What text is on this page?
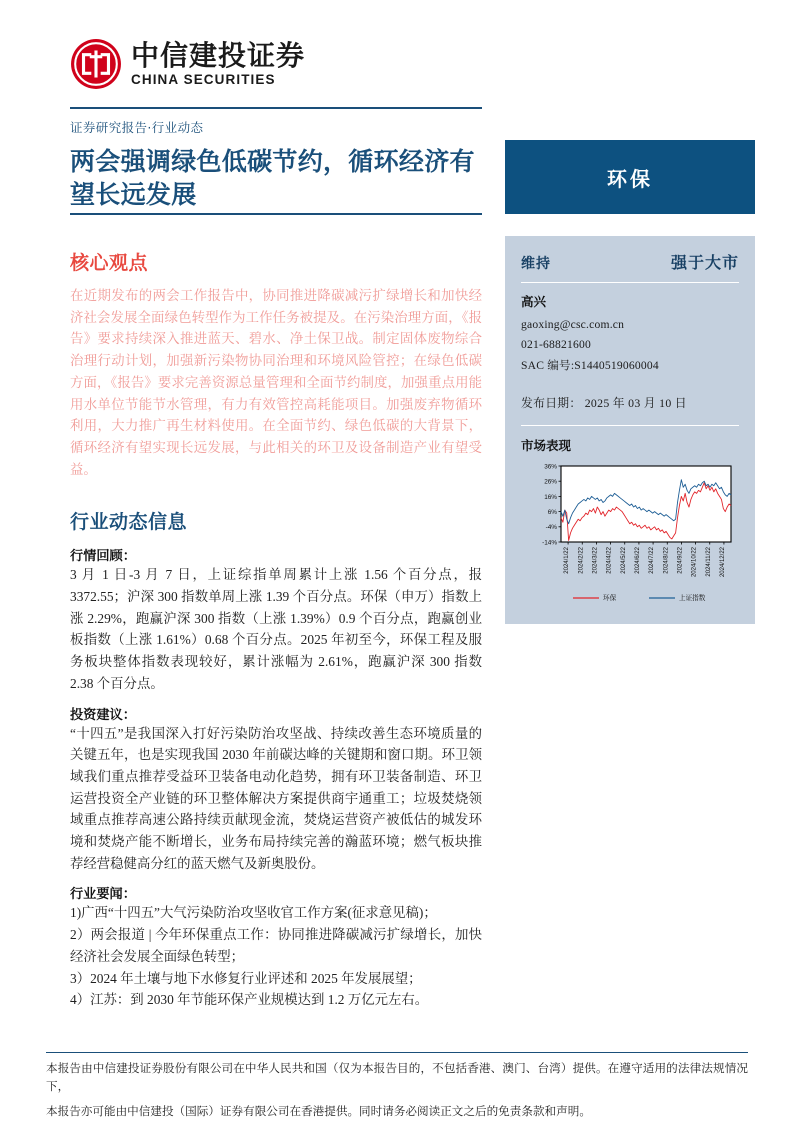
中信建投证券
CHINA SECURITIES
证券研究报告·行业动态
两会强调绿色低碳节约，循环经济有望长远发展
核心观点
在近期发布的两会工作报告中，协同推进降碳减污扩绿增长和加快经济社会发展全面绿色转型作为工作任务被提及。在污染治理方面，《报告》要求持续深入推进蓝天、碧水、净土保卫战。制定固体废物综合治理行动计划，加强新污染物协同治理和环境风险管控；在绿色低碳方面，《报告》要求完善资源总量管理和全面节约制度，加强重点用能用水单位节能节水管理，有力有效管控高耗能项目。加强废弃物循环利用，大力推广再生材料使用。在全面节约、绿色低碳的大背景下，循环经济有望实现长远发展，与此相关的环卫及设备制造产业有望受益。
行业动态信息
行情回顾：
3 月 1 日-3 月 7 日，上证综指单周累计上涨 1.56 个百分点，报 3372.55；沪深 300 指数单周上涨 1.39 个百分点。环保（申万）指数上涨 2.29%，跑赢沪深 300 指数（上涨 1.39%）0.9 个百分点，跑赢创业板指数（上涨 1.61%）0.68 个百分点。2025 年初至今，环保工程及服务板块整体指数表现较好，累计涨幅为 2.61%，跑赢沪深 300 指数 2.38 个百分点。
投资建议：
“十四五”是我国深入打好污染防治攻坚战、持续改善生态环境质量的关键五年，也是实现我国 2030 年前碳达峰的关键期和窗口期。环卫领域我们重点推荐受益环卫装备电动化趋势，拥有环卫装备制造、环卫运营投资全产业链的环卫整体解决方案提供商宇通重工；垃圾焚烧领域重点推荐高速公路持续贡献现金流，焚烧运营资产被低估的城发环境和焚烧产能不断增长，业务布局持续完善的瀚蓝环境；燃气板块推荐经营稳健高分红的蓝天燃气及新奥股份。
行业要闻：
1)广西“十四五”大气污染防治攻坚收官工作方案(征求意见稿)；
2）两会报道 | 今年环保重点工作：协同推进降碳减污扩绿增长，加快经济社会发展全面绿色转型；
3）2024 年土壤与地下水修复行业评述和 2025 年发展展望；
4）江苏：到 2030 年节能环保产业规模达到 1.2 万亿元左右。
环保
维持	强于大市
高兴
gaoxing@csc.com.cn
021-68821600
SAC 编号:S1440519060004
发布日期： 2025 年 03 月 10 日
市场表现
36%
26%
16%
6%
-4%
-14%
2024/1/22 2024/2/22 2024/3/22 2024/4/22 2024/5/22 2024/6/22 2024/7/22 2024/8/22 2024/9/22 2024/10/22 2024/11/22 2024/12/22
环保	上证指数
本报告由中信建投证券股份有限公司在中华人民共和国（仅为本报告目的，不包括香港、澳门、台湾）提供。在遵守适用的法律法规情况下，
本报告亦可能由中信建投（国际）证券有限公司在香港提供。同时请务必阅读正文之后的免责条款和声明。
